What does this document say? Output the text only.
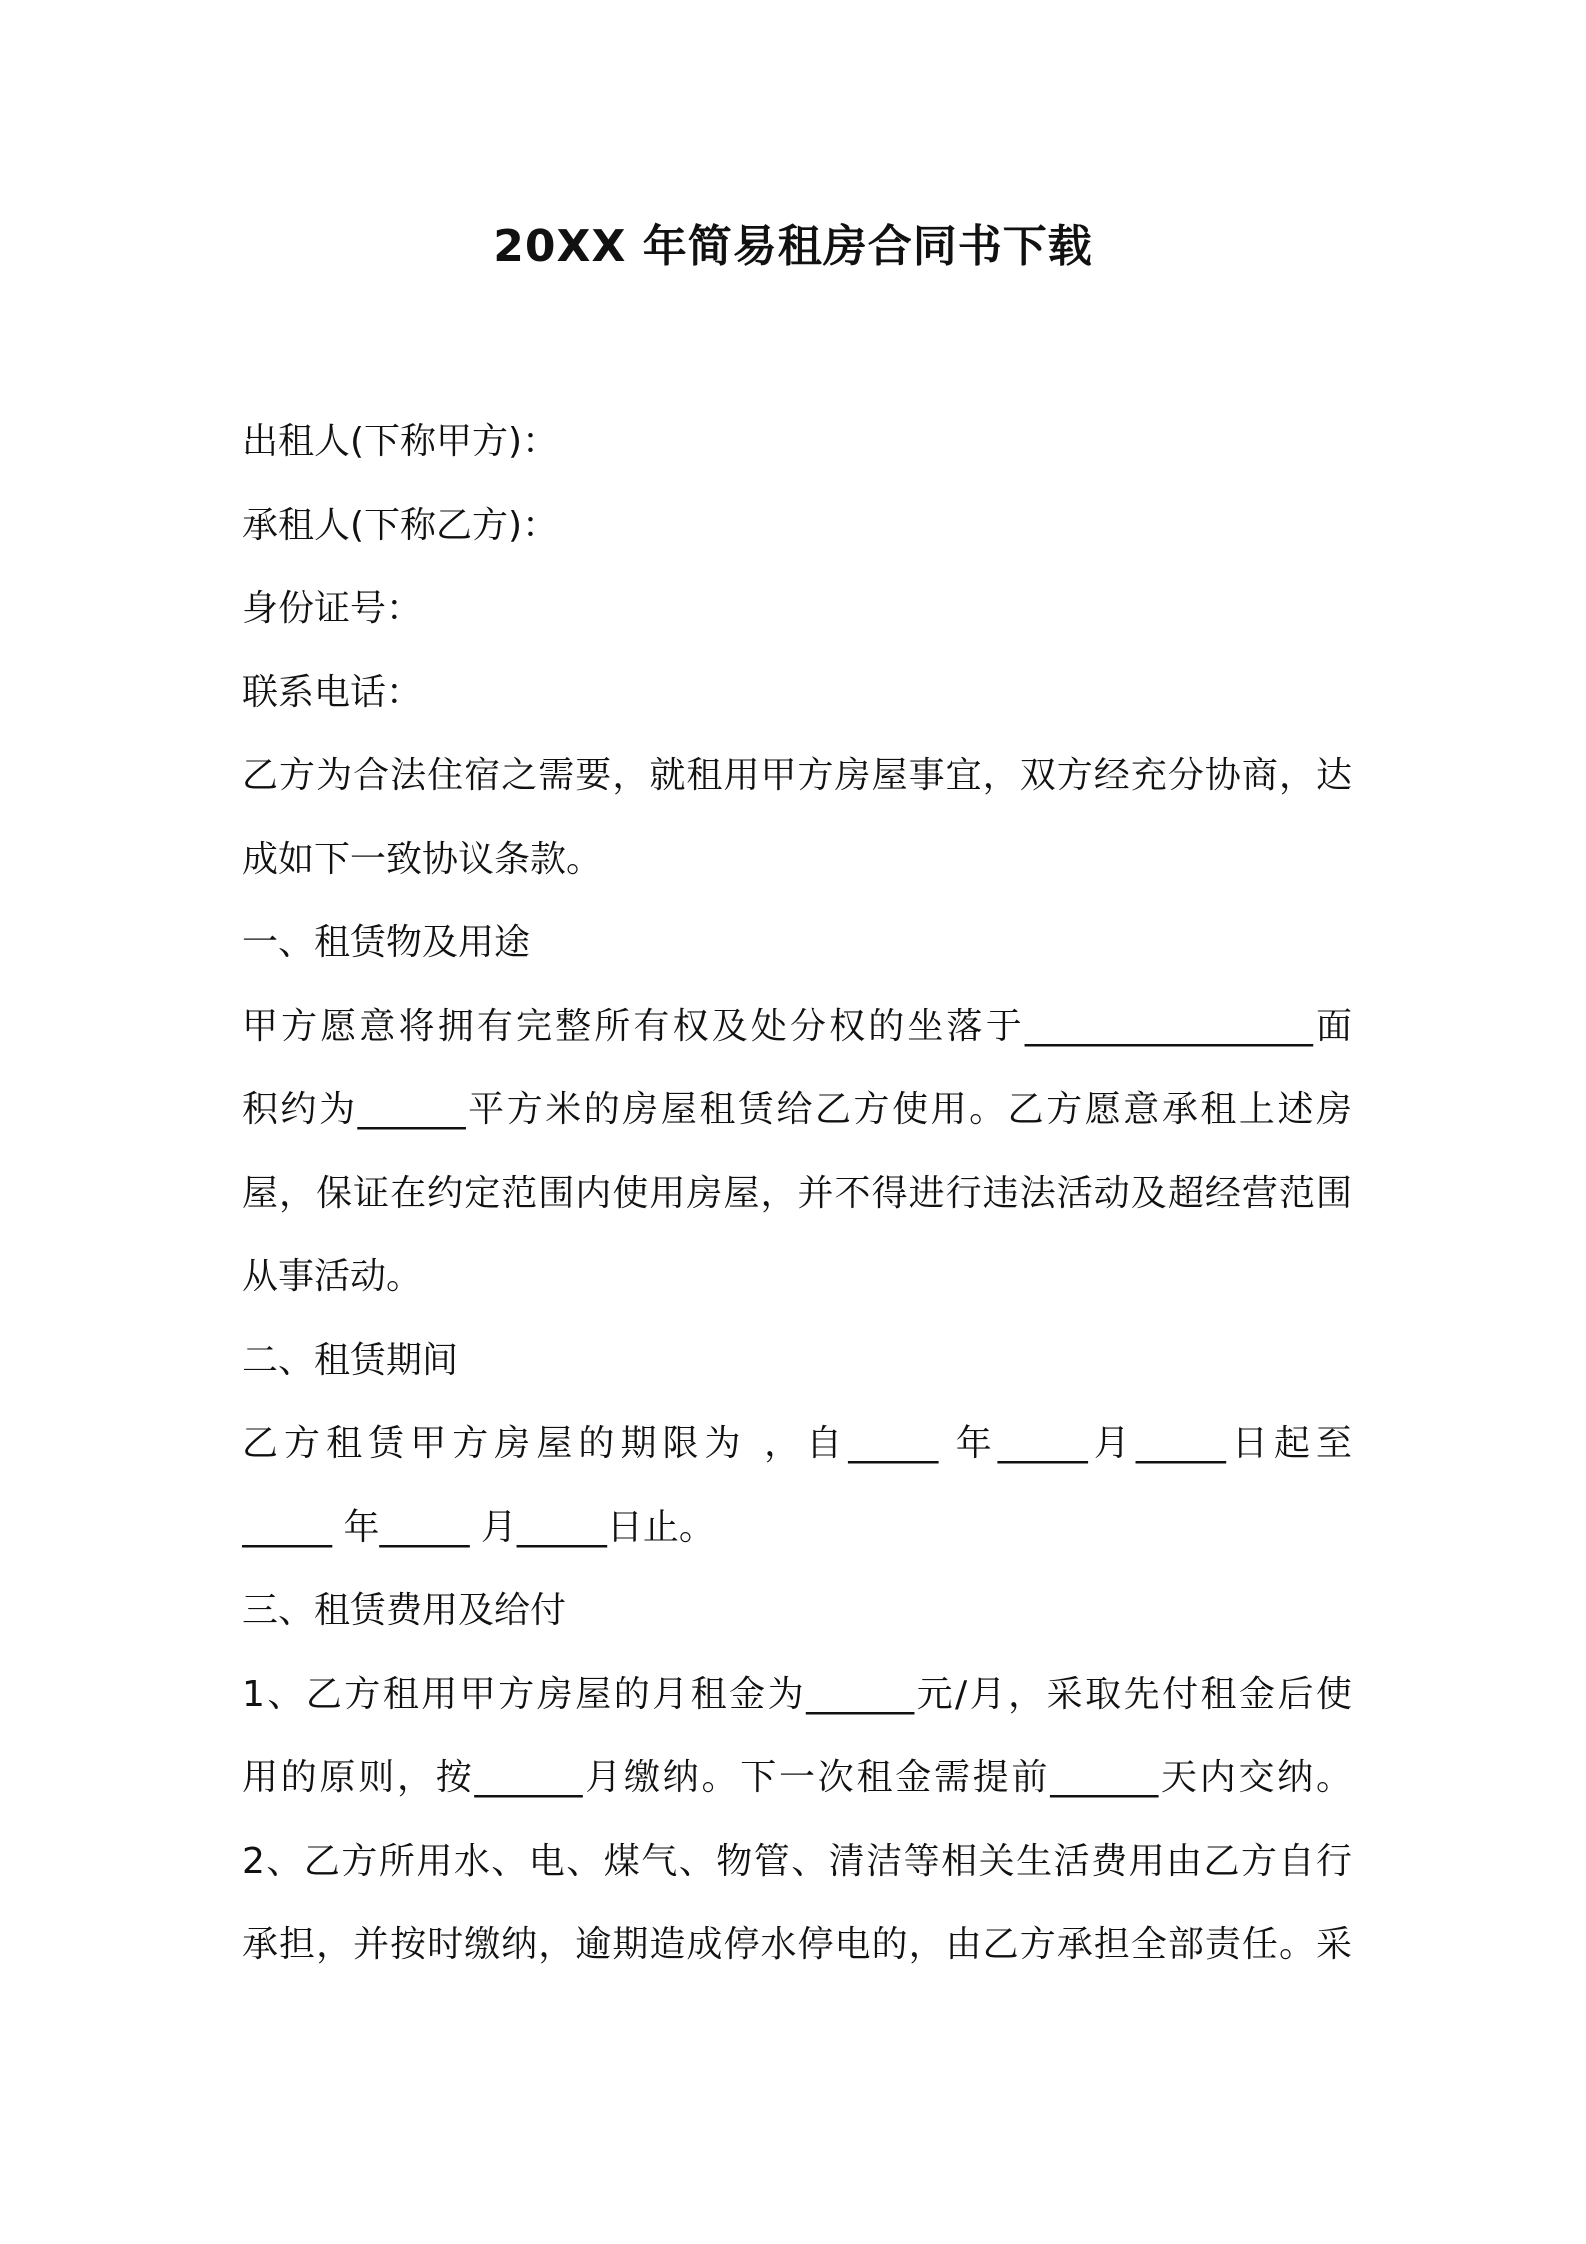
20XX 年简易租房合同书下载

出租人(下称甲方)：

承租人(下称乙方)：

身份证号：

联系电话：

乙方为合法住宿之需要，就租用甲方房屋事宜，双方经充分协商，达

成如下一致协议条款。

一、租赁物及用途

甲方愿意将拥有完整所有权及处分权的坐落于________________面

积约为______平方米的房屋租赁给乙方使用。乙方愿意承租上述房

屋，保证在约定范围内使用房屋，并不得进行违法活动及超经营范围

从事活动。

二、租赁期间

乙方租赁甲方房屋的期限为 ，自_____ 年_____月_____日起至

_____ 年_____ 月_____日止。

三、租赁费用及给付

1、乙方租用甲方房屋的月租金为______元/月，采取先付租金后使

用的原则，按______月缴纳。下一次租金需提前______天内交纳。

2、乙方所用水、电、煤气、物管、清洁等相关生活费用由乙方自行

承担，并按时缴纳，逾期造成停水停电的，由乙方承担全部责任。采
